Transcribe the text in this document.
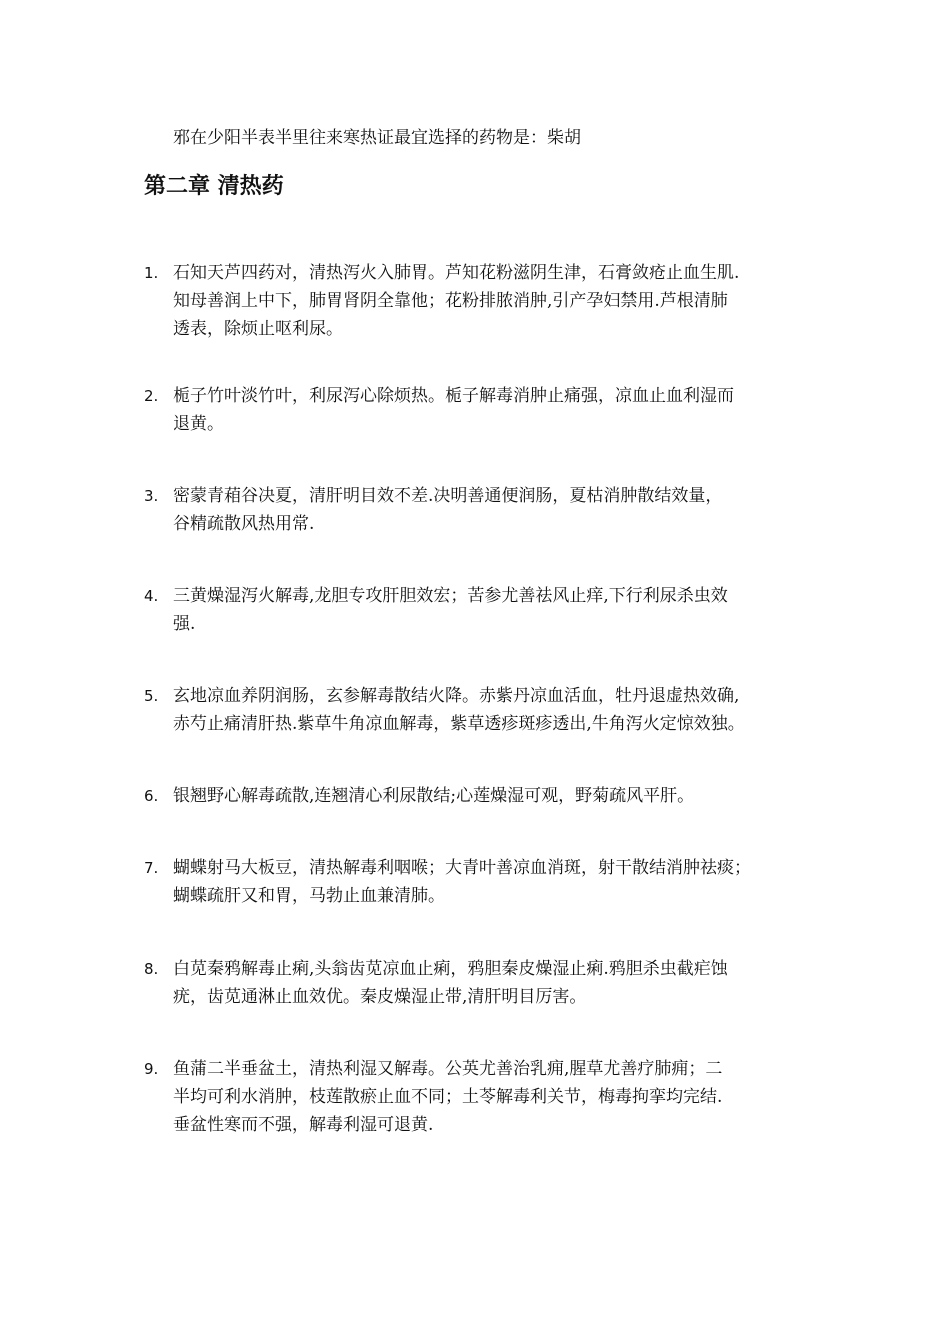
邪在少阳半表半里往来寒热证最宜选择的药物是：柴胡
第二章 清热药
1. 石知天芦四药对，清热泻火入肺胃。芦知花粉滋阴生津，石膏敛疮止血生肌.
知母善润上中下，肺胃肾阴全靠他；花粉排脓消肿,引产孕妇禁用.芦根清肺
透表，除烦止呕利尿。
2. 栀子竹叶淡竹叶，利尿泻心除烦热。栀子解毒消肿止痛强，凉血止血利湿而
退黄。
3. 密蒙青葙谷决夏，清肝明目效不差.决明善通便润肠，夏枯消肿散结效量，
谷精疏散风热用常.
4. 三黄燥湿泻火解毒,龙胆专攻肝胆效宏；苦参尤善祛风止痒,下行利尿杀虫效
强.
5. 玄地凉血养阴润肠，玄参解毒散结火降。赤紫丹凉血活血，牡丹退虚热效确,
赤芍止痛清肝热.紫草牛角凉血解毒，紫草透疹斑疹透出,牛角泻火定惊效独。
6. 银翘野心解毒疏散,连翘清心利尿散结;心莲燥湿可观，野菊疏风平肝。
7. 蝴蝶射马大板豆，清热解毒利咽喉；大青叶善凉血消斑，射干散结消肿祛痰；
蝴蝶疏肝又和胃，马勃止血兼清肺。
8. 白苋秦鸦解毒止痢,头翁齿苋凉血止痢，鸦胆秦皮燥湿止痢.鸦胆杀虫截疟蚀
疣，齿苋通淋止血效优。秦皮燥湿止带,清肝明目厉害。
9. 鱼蒲二半垂盆土，清热利湿又解毒。公英尤善治乳痈,腥草尤善疗肺痈；二
半均可利水消肿，枝莲散瘀止血不同；土苓解毒利关节，梅毒拘挛均完结.
垂盆性寒而不强，解毒利湿可退黄.
